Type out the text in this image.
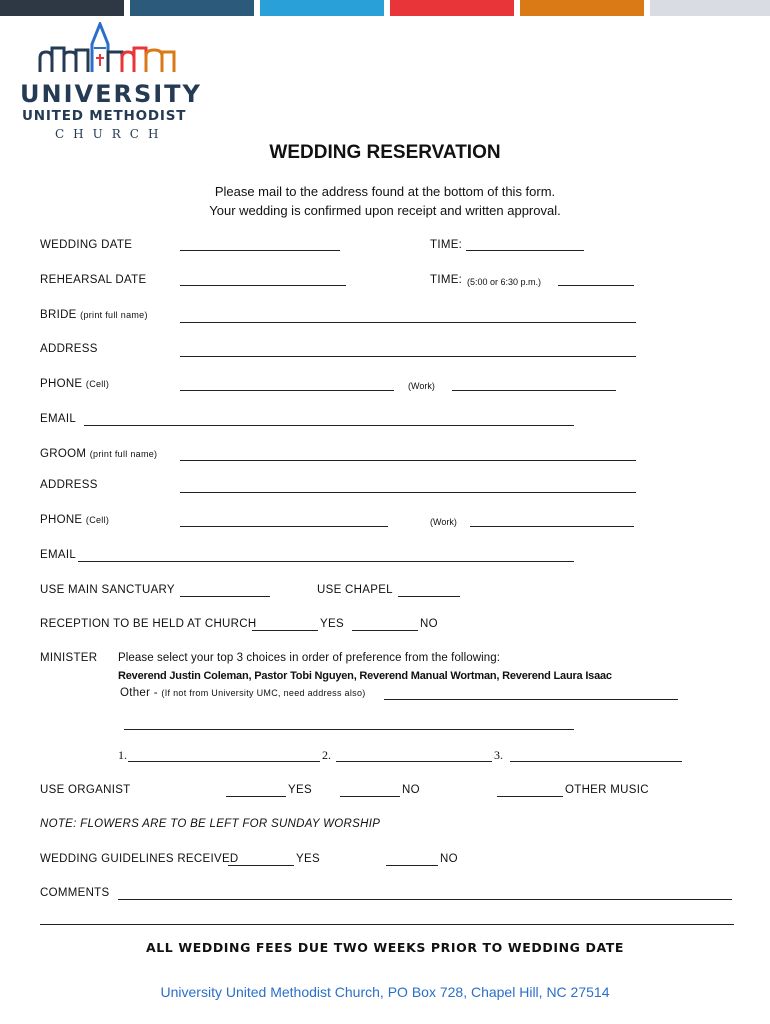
UNIVERSITY
UNITED METHODIST
CHURCH
WEDDING RESERVATION
Please mail to the address found at the bottom of this form.
Your wedding is confirmed upon receipt and written approval.
WEDDING DATE	TIME:
REHEARSAL DATE	TIME: (5:00 or 6:30 p.m.)
BRIDE (print full name)
ADDRESS
PHONE (Cell)	(Work)
EMAIL
GROOM (print full name)
ADDRESS
PHONE (Cell)	(Work)
EMAIL
USE MAIN SANCTUARY	USE CHAPEL
RECEPTION TO BE HELD AT CHURCH	YES	NO
MINISTER Please select your top 3 choices in order of preference from the following:
Reverend Justin Coleman, Pastor Tobi Nguyen, Reverend Manual Wortman, Reverend Laura Isaac
Other - (If not from University UMC, need address also)
1.	2.	3.
USE ORGANIST	YES	NO	OTHER MUSIC
NOTE: FLOWERS ARE TO BE LEFT FOR SUNDAY WORSHIP
WEDDING GUIDELINES RECEIVED	YES	NO
COMMENTS
ALL WEDDING FEES DUE TWO WEEKS PRIOR TO WEDDING DATE
University United Methodist Church, PO Box 728, Chapel Hill, NC 27514
